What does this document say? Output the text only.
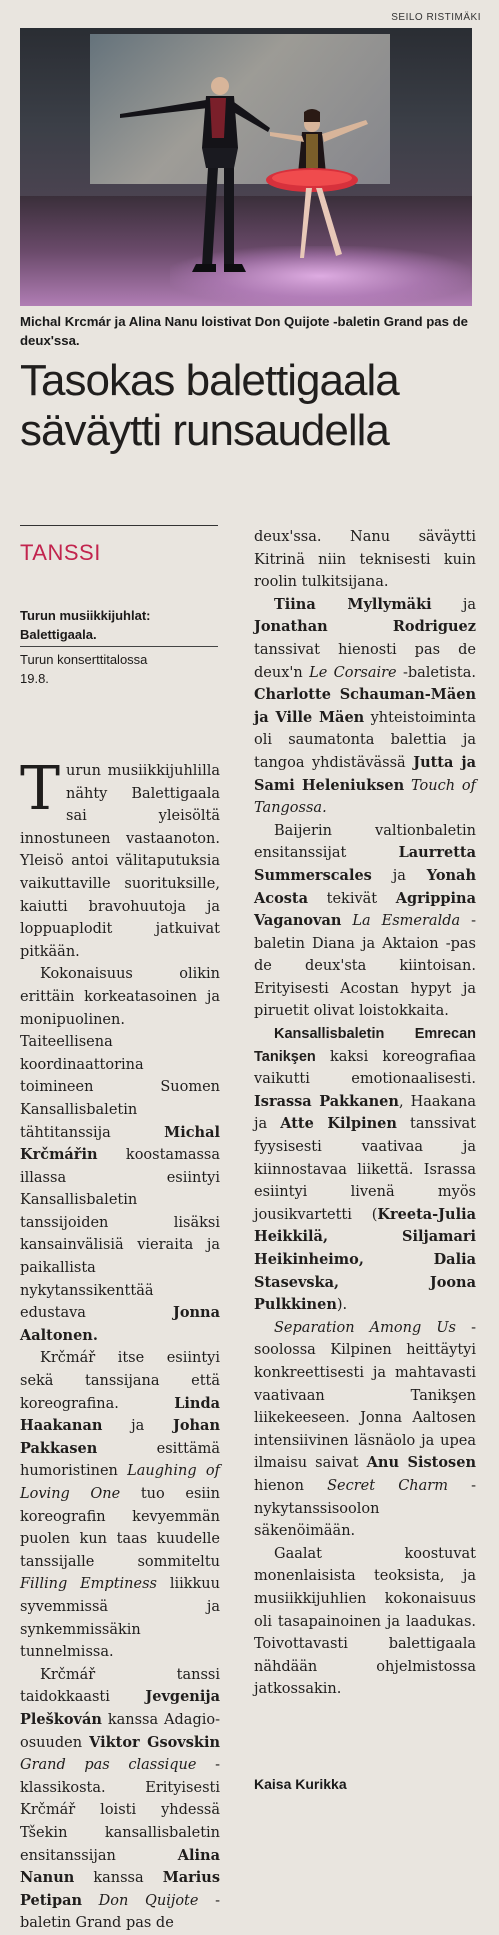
SEILO RISTIMÄKI
Michal Krcmár ja Alina Nanu loistivat Don Quijote -baletin Grand pas de deux'ssa.
Tasokas balettigaala säväytti runsaudella
TANSSI
Turun musiikkijuhlat: Balettigaala.
Turun konserttitalossa
19.8.

Turun musiikkijuhlilla nähty Balettigaala sai yleisöltä innostuneen vastaanoton. Yleisö antoi välitaputuksia vaikuttaville suorituksille, kaiutti bravohuutoja ja loppuaplodit jatkuivat pitkään.

Kokonaisuus olikin erittäin korkeatasoinen ja monipuolinen. Taiteellisena koordinaattorina toimineen Suomen Kansallisbaletin tähtitanssija Michal Krčmářin koostamassa illassa esiintyi Kansallisbaletin tanssijoiden lisäksi kansainvälisiä vieraita ja paikallista nykytanssikenttää edustava Jonna Aaltonen.

Krčmář itse esiintyi sekä tanssijana että koreografina. Linda Haakanan ja Johan Pakkasen esittämä humoristinen Laughing of Loving One tuo esiin koreografin kevyemmän puolen kun taas kuudelle tanssijalle sommiteltu Filling Emptiness liikkuu syvemmissä ja synkemmissäkin tunnelmissa.

Krčmář tanssi taidokkaasti Jevgenija Pleškován kanssa Adagio-osuuden Viktor Gsovskin Grand pas classique -klassikosta. Erityisesti Krčmář loisti yhdessä Tšekin kansallisbaletin ensitanssijan Alina Nanun kanssa Marius Petipan Don Quijote -baletin Grand pas de

deux'ssa. Nanu säväytti Kitrinä niin teknisesti kuin roolin tulkitsijana.

Tiina Myllymäki ja Jonathan Rodriguez tanssivat hienosti pas de deux'n Le Corsaire -baletista. Charlotte Schauman-Mäen ja Ville Mäen yhteistoiminta oli saumatonta balettia ja tangoa yhdistävässä Jutta ja Sami Heleniuksen Touch of Tangossa.

Baijerin valtionbaletin ensitanssijat Laurretta Summerscales ja Yonah Acosta tekivät Agrippina Vaganovan La Esmeralda -baletin Diana ja Aktaion -pas de deux'sta kiintoisan. Erityisesti Acostan hypyt ja piruetit olivat loistokkaita.

Kansallisbaletin Emrecan Tanikşen kaksi koreografiaa vaikutti emotionaalisesti. Israssa Pakkanen, Haakana ja Atte Kilpinen tanssivat fyysisesti vaativaa ja kiinnostavaa liikettä. Israssa esiintyi livenä myös jousikvartetti (Kreeta-Julia Heikkilä, Siljamari Heikinheimo, Dalia Stasevska, Joona Pulkkinen).

Separation Among Us -soolossa Kilpinen heittäytyi konkreettisesti ja mahtavasti vaativaan Tanikşen liikekeeseen. Jonna Aaltosen intensiivinen läsnäolo ja upea ilmaisu saivat Anu Sistosen hienon Secret Charm -nykytanssisoolon säkenöimään.

Gaalat koostuvat monenlaisista teoksista, ja musiikkijuhlien kokonaisuus oli tasapainoinen ja laadukas. Toivottavasti balettigaala nähdään ohjelmistossa jatkossakin.

Kaisa Kurikka
